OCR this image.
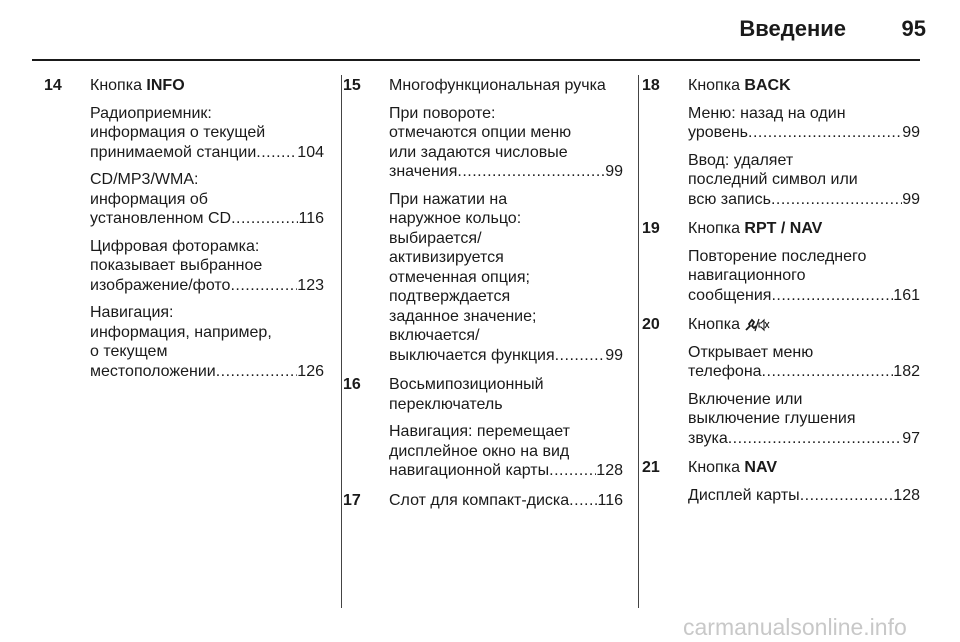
Введение	95
14 Кнопка INFO
Радиоприемник:
информация о текущей
принимаемой станции .....	104
CD/MP3/WMA:
информация об
установленном CD .....	116
Цифровая фоторамка:
показывает выбранное
изображение/фото .....	123
Навигация:
информация, например,
о текущем
местоположении .....	126
15 Многофункциональная ручка
При повороте:
отмечаются опции меню
или задаются числовые
значения .....	99
При нажатии на
наружное кольцо:
выбирается/
активизируется
отмеченная опция;
подтверждается
заданное значение;
включается/
выключается функция .....	99
16 Восьмипозиционный
переключатель
Навигация: перемещает
дисплейное окно на вид
навигационной карты .....	128
17 Слот для компакт-диска ..... 116
18 Кнопка BACK
Меню: назад на один
уровень .....	99
Ввод: удаляет
последний символ или
всю запись .....	99
19 Кнопка RPT / NAV
Повторение последнего
навигационного
сообщения .....	161
20 Кнопка
Открывает меню
телефона .....	182
Включение или
выключение глушения
звука .....	97
21 Кнопка NAV
Дисплей карты .....	128
carmanualsonline.info
